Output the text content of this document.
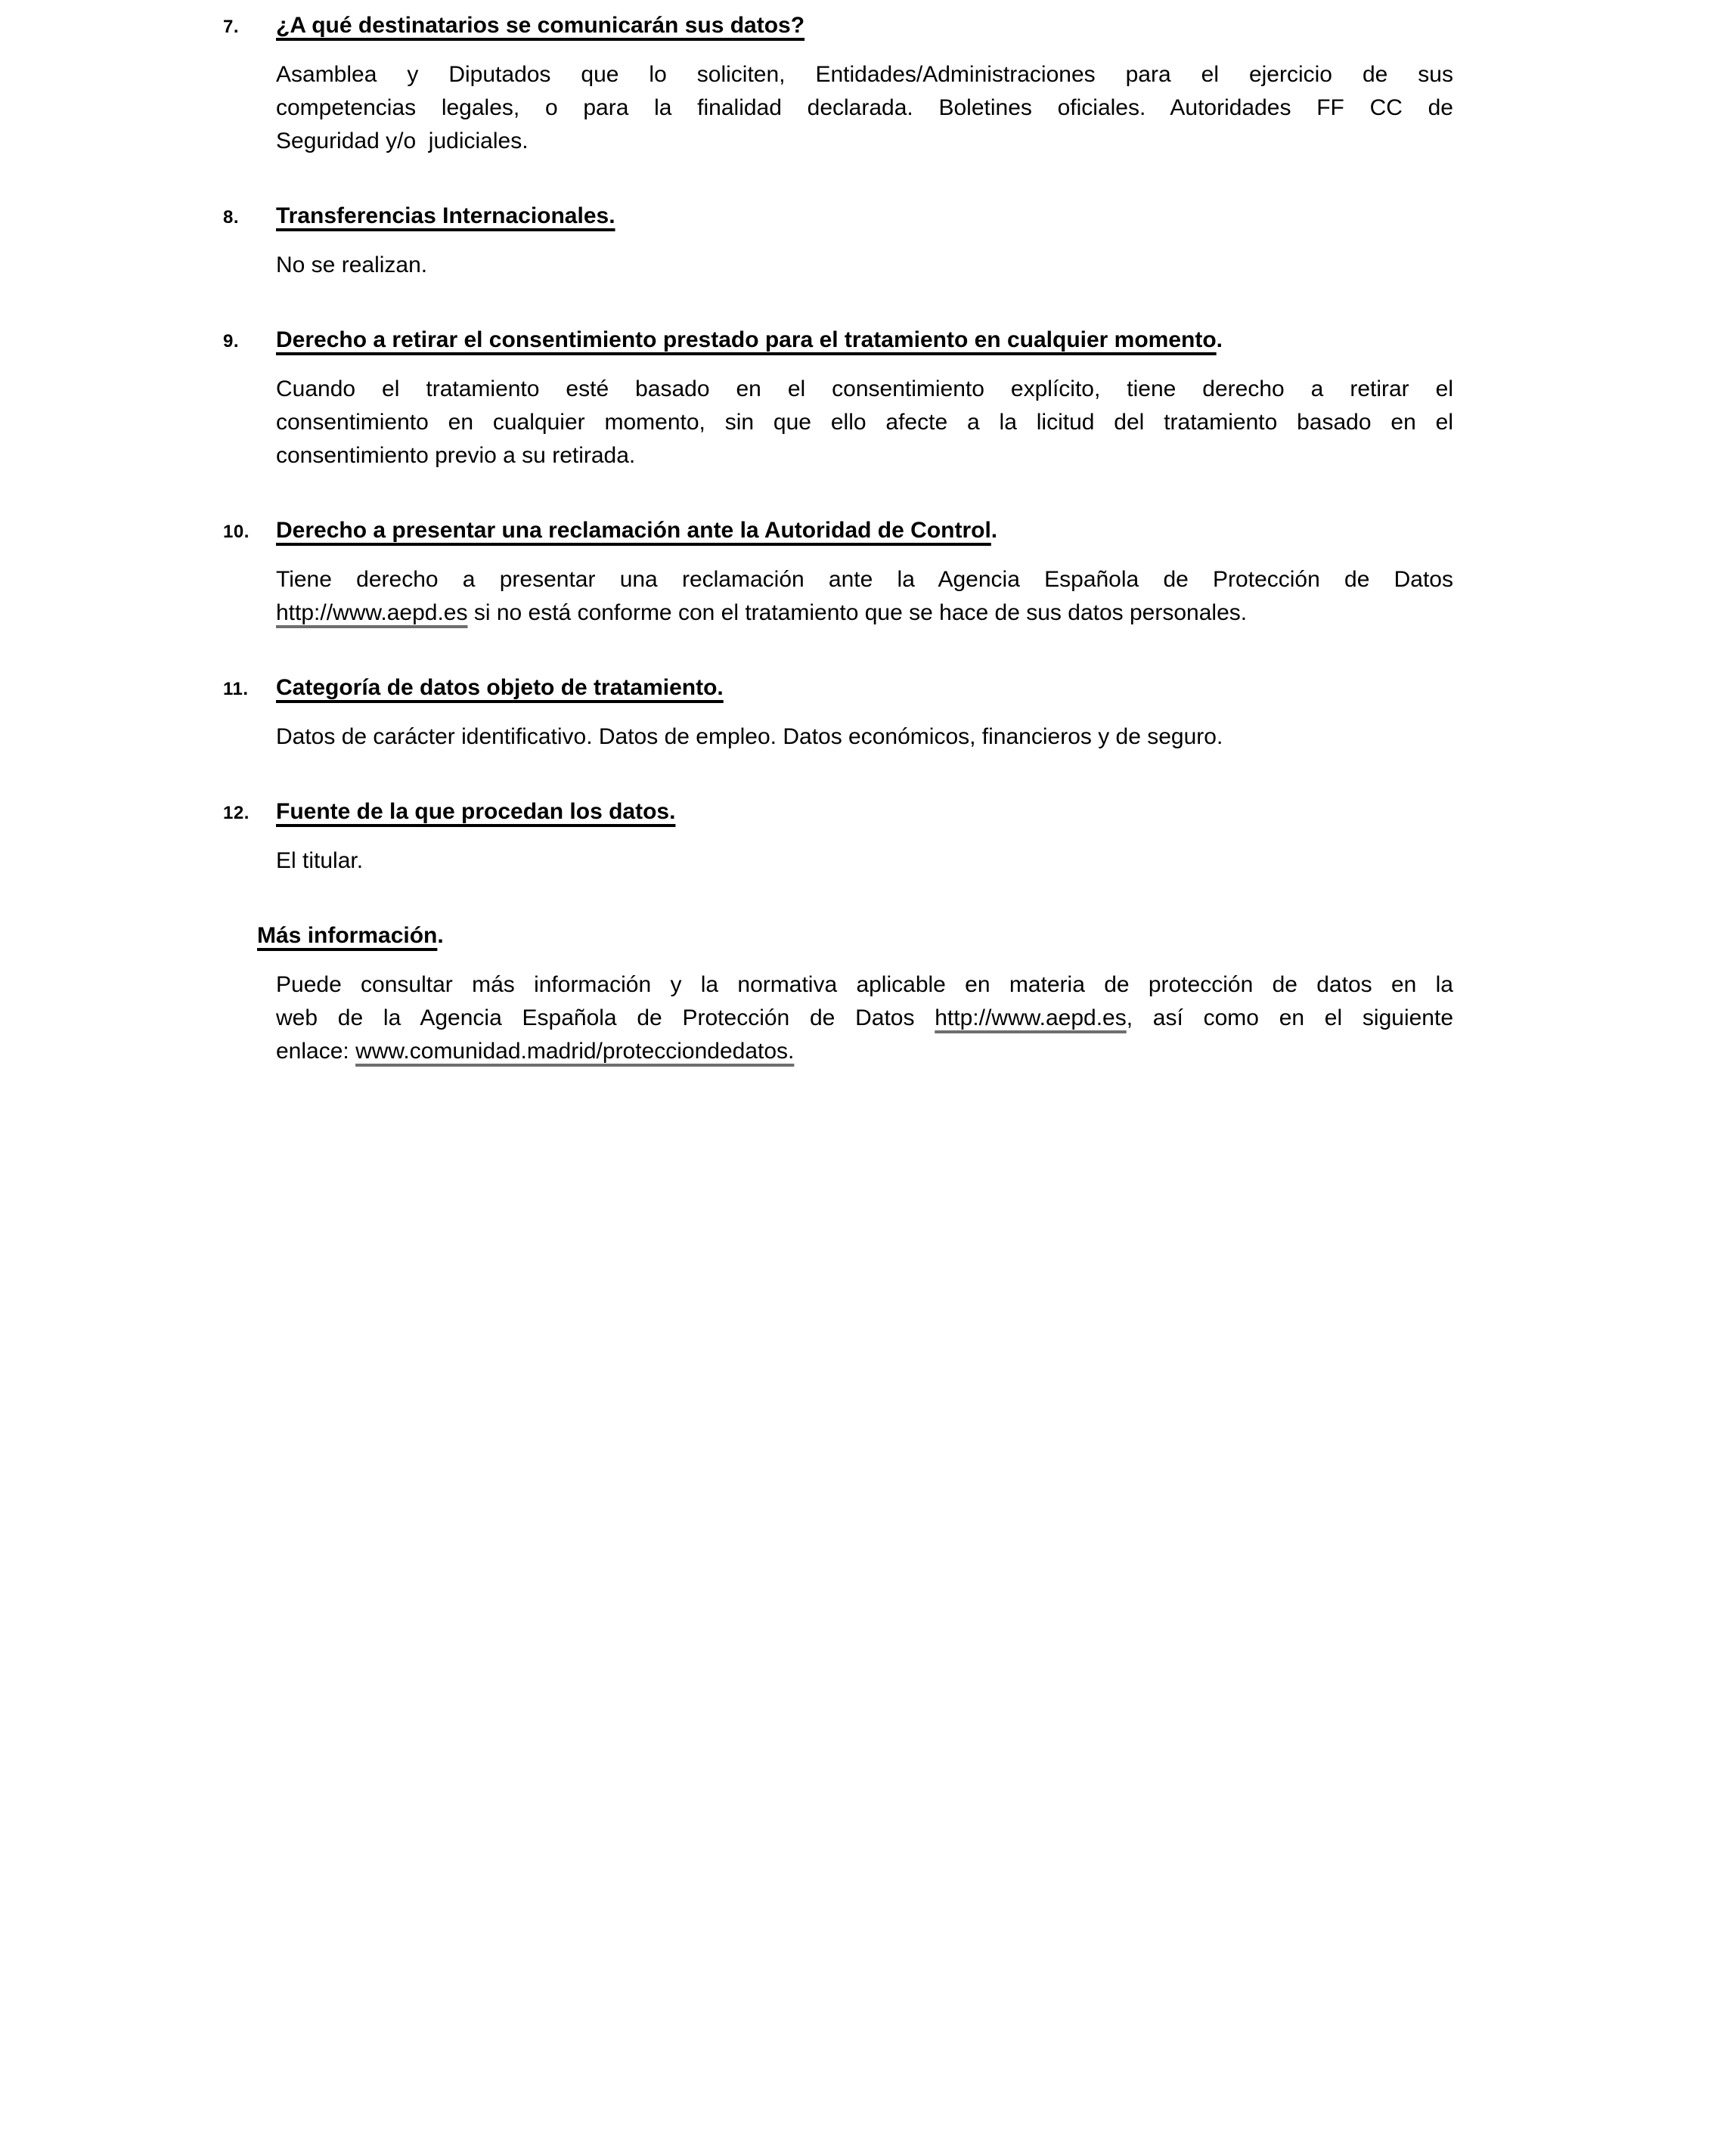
7.	¿A qué destinatarios se comunicarán sus datos?
Asamblea y Diputados que lo soliciten, Entidades/Administraciones para el ejercicio de sus
competencias legales, o para la finalidad declarada. Boletines oficiales. Autoridades FF CC de
Seguridad y/o  judiciales.
8.	Transferencias Internacionales.
No se realizan.
9.	Derecho a retirar el consentimiento prestado para el tratamiento en cualquier momento.
Cuando el tratamiento esté basado en el consentimiento explícito, tiene derecho a retirar el
consentimiento en cualquier momento, sin que ello afecte a la licitud del tratamiento basado en el
consentimiento previo a su retirada.
10.	Derecho a presentar una reclamación ante la Autoridad de Control.
Tiene derecho a presentar una reclamación ante la Agencia Española de Protección de Datos
http://www.aepd.es si no está conforme con el tratamiento que se hace de sus datos personales.
11.	Categoría de datos objeto de tratamiento.
Datos de carácter identificativo. Datos de empleo. Datos económicos, financieros y de seguro.
12.	Fuente de la que procedan los datos.
El titular.
Más información.
Puede consultar más información y la normativa aplicable en materia de protección de datos en la
web de la Agencia Española de Protección de Datos http://www.aepd.es, así como en el siguiente
enlace: www.comunidad.madrid/protecciondedatos.
